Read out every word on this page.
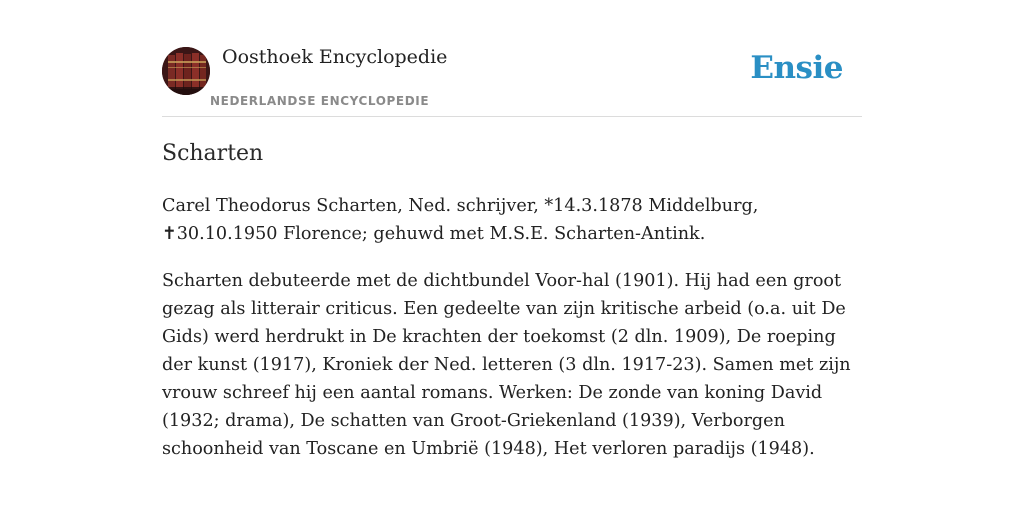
Oosthoek Encyclopedie
NEDERLANDSE ENCYCLOPEDIE
Ensie
Scharten

Carel Theodorus Scharten, Ned. schrijver, *14.3.1878 Middelburg, ✝30.10.1950 Florence; gehuwd met M.S.E. Scharten-Antink.

Scharten debuteerde met de dichtbundel Voor-hal (1901). Hij had een groot gezag als litterair criticus. Een gedeelte van zijn kritische arbeid (o.a. uit De Gids) werd herdrukt in De krachten der toekomst (2 dln. 1909), De roeping der kunst (1917), Kroniek der Ned. letteren (3 dln. 1917-23). Samen met zijn vrouw schreef hij een aantal romans. Werken: De zonde van koning David (1932; drama), De schatten van Groot-Griekenland (1939), Verborgen schoonheid van Toscane en Umbrië (1948), Het verloren paradijs (1948).
